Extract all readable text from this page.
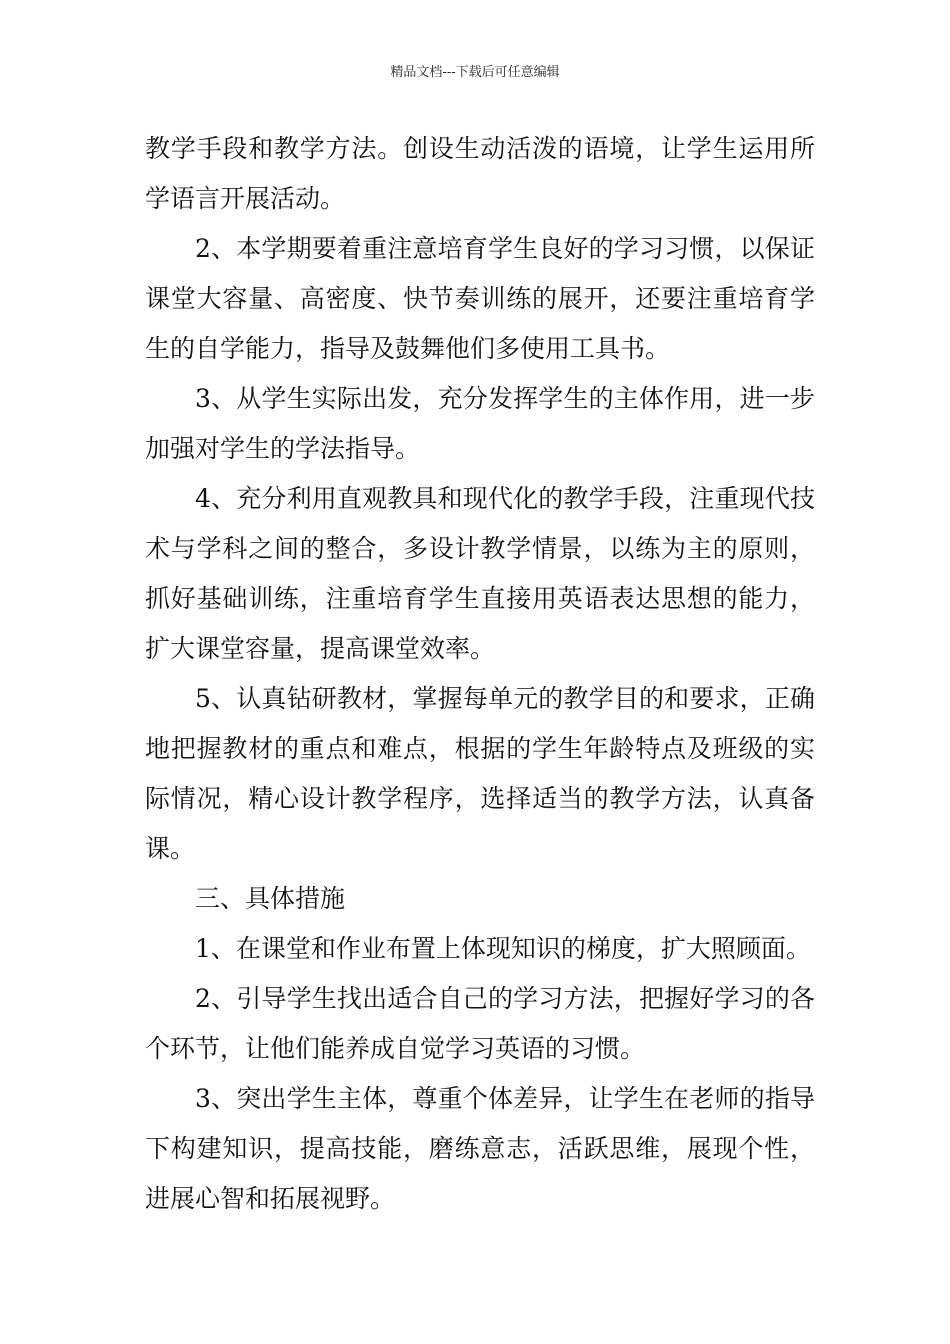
精品文档---下载后可任意编辑

教学手段和教学方法。创设生动活泼的语境，让学生运用所学语言开展活动。

2、本学期要着重注意培育学生良好的学习习惯，以保证课堂大容量、高密度、快节奏训练的展开，还要注重培育学生的自学能力，指导及鼓舞他们多使用工具书。

3、从学生实际出发，充分发挥学生的主体作用，进一步加强对学生的学法指导。

4、充分利用直观教具和现代化的教学手段，注重现代技术与学科之间的整合，多设计教学情景，以练为主的原则，抓好基础训练，注重培育学生直接用英语表达思想的能力，扩大课堂容量，提高课堂效率。

5、认真钻研教材，掌握每单元的教学目的和要求，正确地把握教材的重点和难点，根据的学生年龄特点及班级的实际情况，精心设计教学程序，选择适当的教学方法，认真备课。

三、具体措施

1、在课堂和作业布置上体现知识的梯度，扩大照顾面。

2、引导学生找出适合自己的学习方法，把握好学习的各个环节，让他们能养成自觉学习英语的习惯。

3、突出学生主体，尊重个体差异，让学生在老师的指导下构建知识，提高技能，磨练意志，活跃思维，展现个性，进展心智和拓展视野。
